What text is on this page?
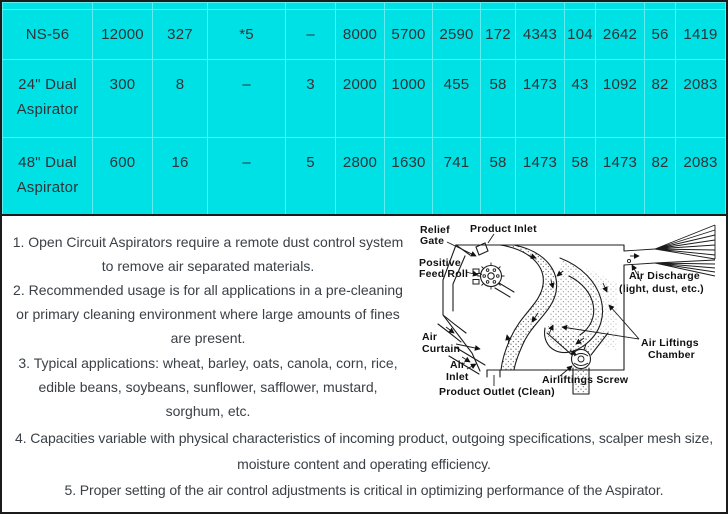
NS-56	12000	327	*5	–	8000	5700	2590	172	4343	104	2642	56	1419
24" Dual
Aspirator	300	8	–	3	2000	1000	455	58	1473	43	1092	82	2083
48" Dual
Aspirator	600	16	–	5	2800	1630	741	58	1473	58	1473	82	2083

1. Open Circuit Aspirators require a remote dust control system to remove air separated materials.

2. Recommended usage is for all applications in a pre-cleaning or primary cleaning environment where large amounts of fines are present.

3. Typical applications: wheat, barley, oats, canola, corn, rice, edible beans, soybeans, sunflower, safflower, mustard, sorghum, etc.

Relief
Gate
Product Inlet
Positive
Feed Roll	Air Discharge
(light, dust, etc.)
Air
Curtain
Air
Inlet
Product Outlet (Clean)
Airliftings Screw
Air Liftings
Chamber

4. Capacities variable with physical characteristics of incoming product, outgoing specifications, scalper mesh size, moisture content and operating efficiency.

5. Proper setting of the air control adjustments is critical in optimizing performance of the Aspirator.
